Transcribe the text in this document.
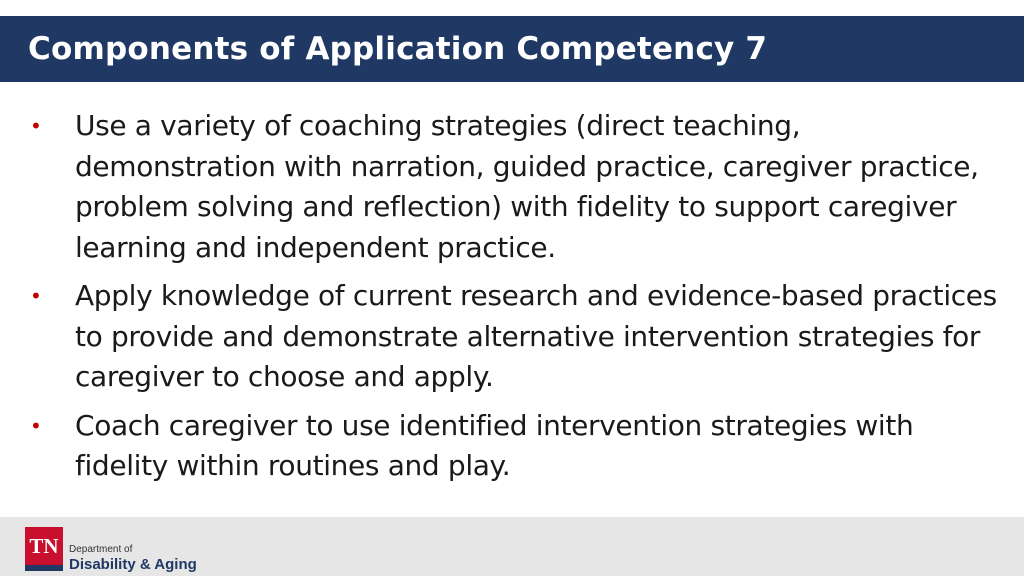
Components of Application Competency 7
•	Use a variety of coaching strategies (direct teaching, demonstration with narration, guided practice, caregiver practice, problem solving and reflection) with fidelity to support caregiver learning and independent practice.
•	Apply knowledge of current research and evidence-based practices to provide and demonstrate alternative intervention strategies for caregiver to choose and apply.
•	Coach caregiver to use identified intervention strategies with fidelity within routines and play.
TN	Department of
Disability & Aging
